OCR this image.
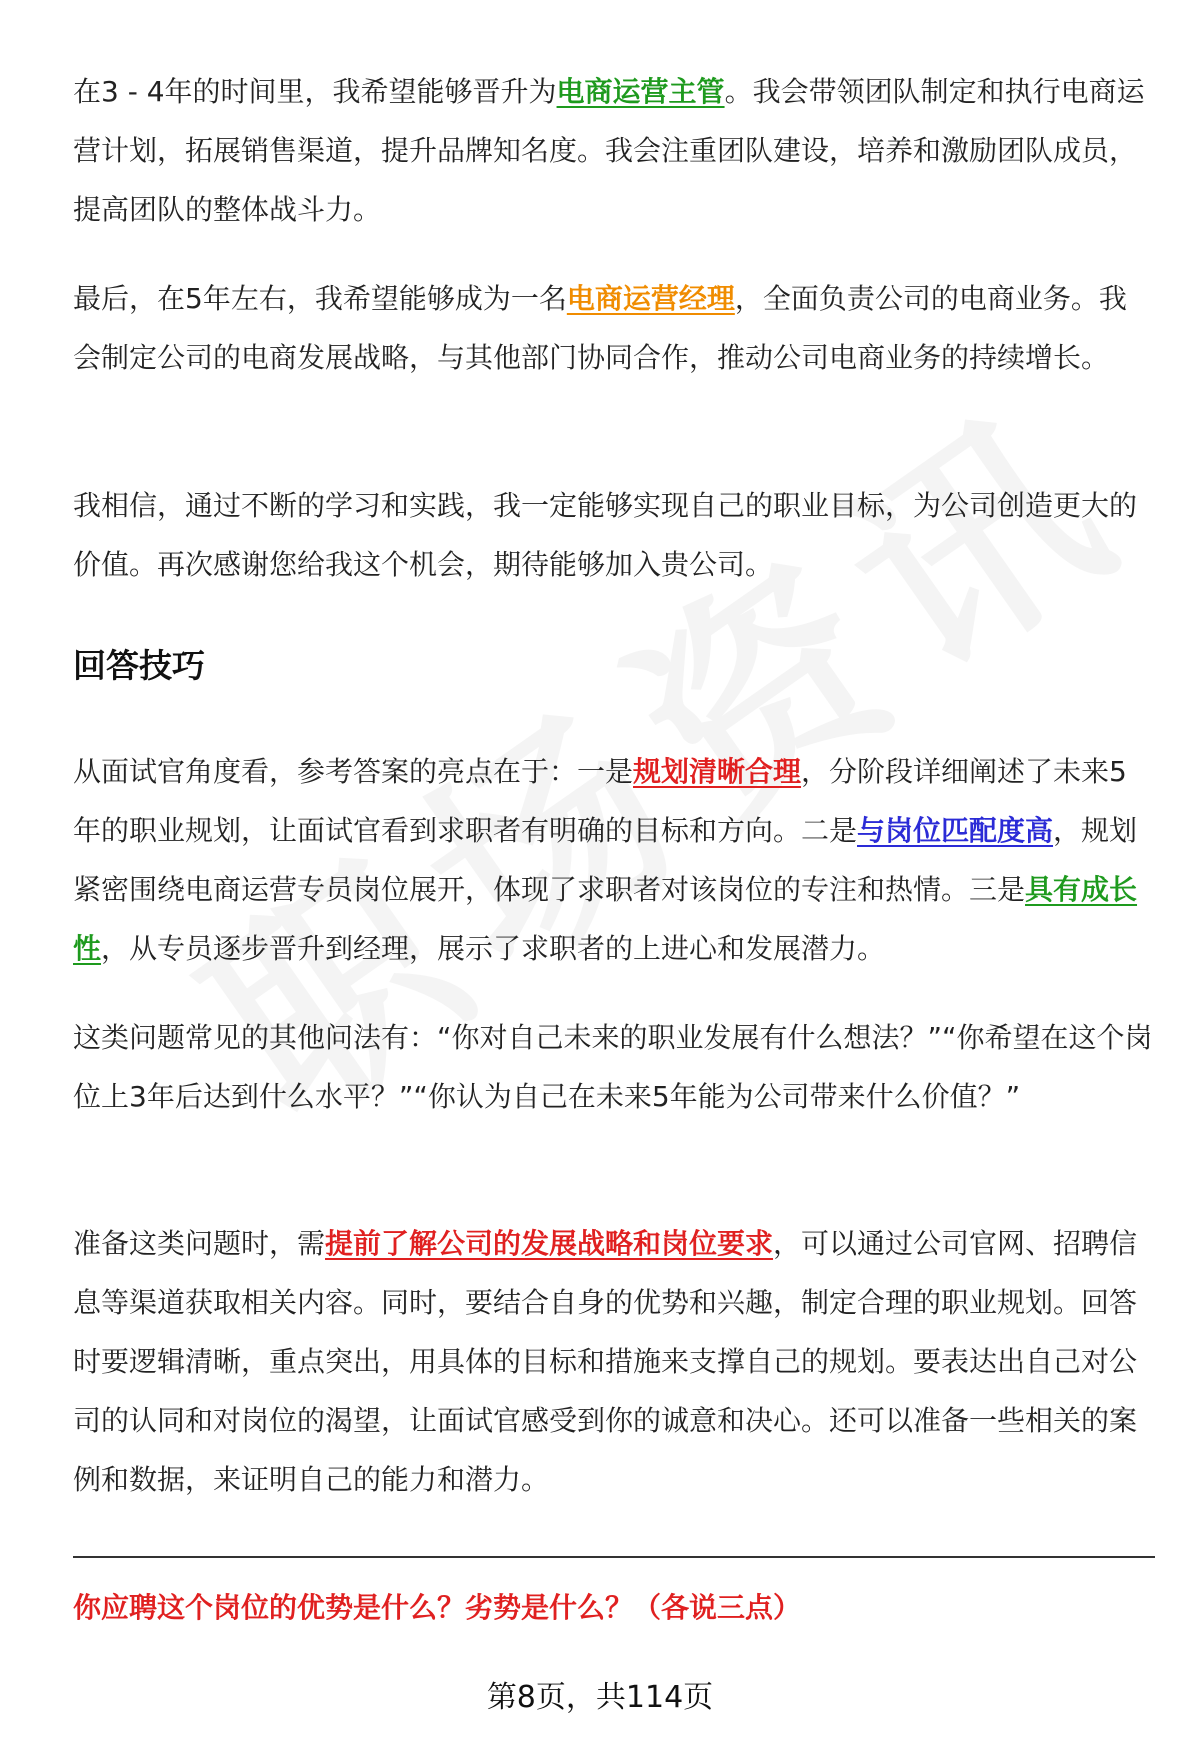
在3 - 4年的时间里，我希望能够晋升为电商运营主管。我会带领团队制定和执行电商运营计划，拓展销售渠道，提升品牌知名度。我会注重团队建设，培养和激励团队成员，提高团队的整体战斗力。

最后，在5年左右，我希望能够成为一名电商运营经理，全面负责公司的电商业务。我会制定公司的电商发展战略，与其他部门协同合作，推动公司电商业务的持续增长。

我相信，通过不断的学习和实践，我一定能够实现自己的职业目标，为公司创造更大的价值。再次感谢您给我这个机会，期待能够加入贵公司。

回答技巧

从面试官角度看，参考答案的亮点在于：一是规划清晰合理，分阶段详细阐述了未来5年的职业规划，让面试官看到求职者有明确的目标和方向。二是与岗位匹配度高，规划紧密围绕电商运营专员岗位展开，体现了求职者对该岗位的专注和热情。三是具有成长性，从专员逐步晋升到经理，展示了求职者的上进心和发展潜力。

这类问题常见的其他问法有：“你对自己未来的职业发展有什么想法？”“你希望在这个岗位上3年后达到什么水平？”“你认为自己在未来5年能为公司带来什么价值？”

准备这类问题时，需提前了解公司的发展战略和岗位要求，可以通过公司官网、招聘信息等渠道获取相关内容。同时，要结合自身的优势和兴趣，制定合理的职业规划。回答时要逻辑清晰，重点突出，用具体的目标和措施来支撑自己的规划。要表达出自己对公司的认同和对岗位的渴望，让面试官感受到你的诚意和决心。还可以准备一些相关的案例和数据，来证明自己的能力和潜力。

你应聘这个岗位的优势是什么？劣势是什么？（各说三点）

第8页，共114页
